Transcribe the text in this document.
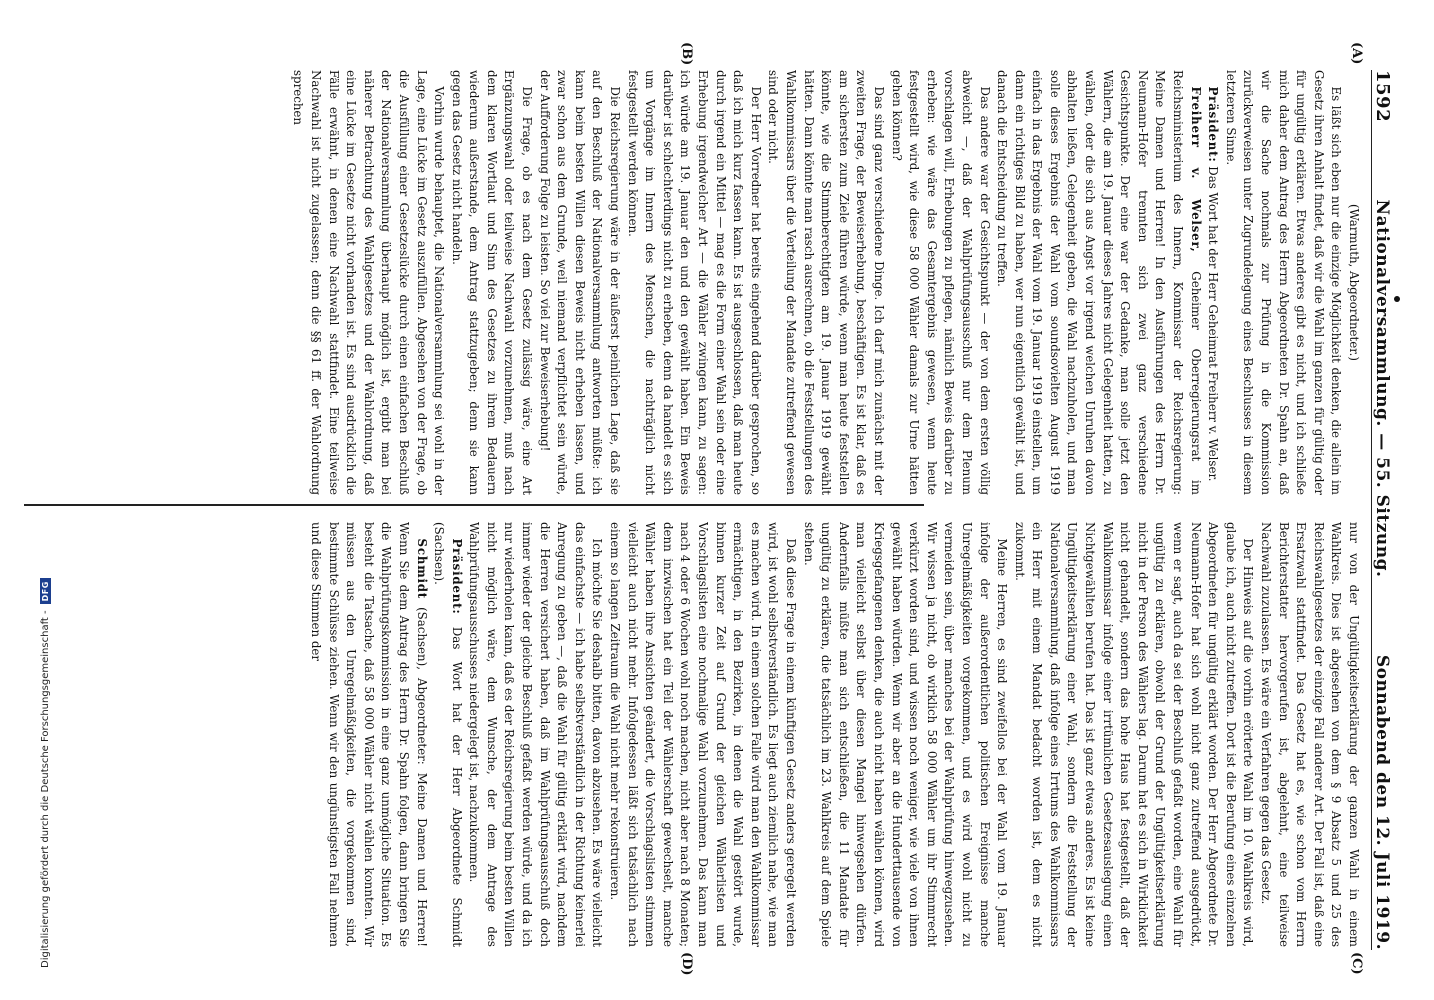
1592
Nationalversammlung. — 55. Sitzung.
Sonnabend den 12. Juli 1919.
(A)
(B)
(C)
(D)

(Warmuth, Abgeordneter.)

Es läßt sich eben nur die einzige Möglichkeit denken, die allein im Gesetz ihren Anhalt findet, daß wir die Wahl im ganzen für gültig oder für ungültig erklären. Etwas anderes gibt es nicht, und ich schließe mich daher dem Antrag des Herrn Abgeordneten Dr. Spahn an, daß wir die Sache nochmals zur Prüfung in die Kommission zurückverweisen unter Zugrundelegung eines Beschlusses in diesem letzteren Sinne.

Präsident: Das Wort hat der Herr Geheimrat Freiherr v. Welser.

Freiherr v. Welser, Geheimer Oberregierungsrat im Reichsministerium des Innern, Kommissar der Reichsregierung: Meine Damen und Herren! In den Ausführungen des Herrn Dr. Neumann-Hofer trennten sich zwei ganz verschiedene Gesichtspunkte. Der eine war der Gedanke, man solle jetzt den Wählern, die am 19. Januar dieses Jahres nicht Gelegenheit hatten, zu wählen, oder die sich aus Angst vor irgend welchen Unruhen davon abhalten ließen, Gelegenheit geben, die Wahl nachzuholen, und man solle dieses Ergebnis der Wahl vom soundsovielten August 1919 einfach in das Ergebnis der Wahl vom 19. Januar 1919 einstellen, um dann ein richtiges Bild zu haben, wer nun eigentlich gewählt ist, und danach die Entscheidung zu treffen.

Das andere war der Gesichtspunkt — der von dem ersten völlig abweicht —, daß der Wahlprüfungsausschuß nur dem Plenum vorschlagen will, Erhebungen zu pflegen, nämlich Beweis darüber zu erheben: wie wäre das Gesamtergebnis gewesen, wenn heute festgestellt wird, wie diese 58 000 Wähler damals zur Urne hätten gehen können?

Das sind ganz verschiedene Dinge. Ich darf mich zunächst mit der zweiten Frage, der Beweiserhebung, beschäftigen. Es ist klar, daß es am sichersten zum Ziele führen würde, wenn man heute feststellen könnte, wie die Stimmberechtigten am 19. Januar 1919 gewählt hätten. Dann könnte man rasch ausrechnen, ob die Feststellungen des Wahlkommissars über die Verteilung der Mandate zutreffend gewesen sind oder nicht.

Der Herr Vorredner hat bereits eingehend darüber gesprochen, so daß ich mich kurz fassen kann. Es ist ausgeschlossen, daß man heute durch irgend ein Mittel — mag es die Form einer Wahl sein oder eine Erhebung irgendwelcher Art — die Wähler zwingen kann, zu sagen: ich würde am 19. Januar den und den gewählt haben. Ein Beweis darüber ist schlechterdings nicht zu erheben, denn da handelt es sich um Vorgänge im Innern des Menschen, die nachträglich nicht festgestellt werden können.

Die Reichsregierung wäre in der äußerst peinlichen Lage, daß sie auf den Beschluß der Nationalversammlung antworten müßte: ich kann beim besten Willen diesen Beweis nicht erheben lassen, und zwar schon aus dem Grunde, weil niemand verpflichtet sein würde, der Aufforderung Folge zu leisten. So viel zur Beweiserhebung!

Die Frage, ob es nach dem Gesetz zulässig wäre, eine Art Ergänzungswahl oder teilweise Nachwahl vorzunehmen, muß nach dem klaren Wortlaut und Sinn des Gesetzes zu ihrem Bedauern wiederum außerstande, dem Antrag stattzugeben; denn sie kann gegen das Gesetz nicht handeln.

Vorhin wurde behauptet, die Nationalversammlung sei wohl in der Lage, eine Lücke im Gesetz auszufüllen. Abgesehen von der Frage, ob die Ausfüllung einer Gesetzeslücke durch einen einfachen Beschluß der Nationalversammlung überhaupt möglich ist, ergibt man bei näherer Betrachtung des Wahlgesetzes und der Wahlordnung, daß eine Lücke im Gesetze nicht vorhanden ist. Es sind ausdrücklich die Fälle erwähnt, in denen eine Nachwahl stattfindet. Eine teilweise Nachwahl ist nicht zugelassen; denn die §§ 61 ff. der Wahlordnung sprechen

nur von der Ungültigkeitserklärung der ganzen Wahl in einem Wahlkreis. Dies ist abgesehen von dem § 9 Absatz 5 und 25 des Reichswahlgesetzes der einzige Fall anderer Art. Der Fall ist, daß eine Ersatzwahl stattfindet. Das Gesetz hat es, wie schon vom Herrn Berichterstatter hervorgerufen ist, abgelehnt, eine teilweise Nachwahl zuzulassen. Es wäre ein Verfahren gegen das Gesetz.

Der Hinweis auf die vorhin erörterte Wahl im 10. Wahlkreis wird, glaube ich, auch nicht zutreffen. Dort ist die Berufung eines einzelnen Abgeordneten für ungültig erklärt worden. Der Herr Abgeordnete Dr. Neumann-Hofer hat sich wohl nicht ganz zutreffend ausgedrückt, wenn er sagt, auch da sei der Beschluß gefaßt worden, eine Wahl für ungültig zu erklären, obwohl der Grund der Ungültigkeitserklärung nicht in der Person des Wählers lag. Darum hat es sich in Wirklichkeit nicht gehandelt, sondern das hohe Haus hat festgestellt, daß der Wahlkommissar infolge einer irrtümlichen Gesetzesauslegung einen Nichtgewählten berufen hat. Das ist ganz etwas anderes. Es ist keine Ungültigkeitserklärung einer Wahl, sondern die Feststellung der Nationalversammlung, daß infolge eines Irrtums des Wahlkommissars ein Herr mit einem Mandat bedacht worden ist, dem es nicht zukommt.

Meine Herren, es sind zweifellos bei der Wahl vom 19. Januar infolge der außerordentlichen politischen Ereignisse manche Unregelmäßigkeiten vorgekommen, und es wird wohl nicht zu vermeiden sein, über manches bei der Wahlprüfung hinwegzusehen. Wir wissen ja nicht, ob wirklich 58 000 Wähler um ihr Stimmrecht verkürzt worden sind, und wissen noch weniger, wie viele von ihnen gewählt haben würden. Wenn wir aber an die Hunderttausende von Kriegsgefangenen denken, die auch nicht haben wählen können, wird man vielleicht selbst über diesen Mangel hinwegsehen dürfen. Andernfalls müßte man sich entschließen, die 11 Mandate für ungültig zu erklären, die tatsächlich im 23. Wahlkreis auf dem Spiele stehen.

Daß diese Frage in einem künftigen Gesetz anders geregelt werden wird, ist wohl selbstverständlich. Es liegt auch ziemlich nahe, wie man es machen wird. In einem solchen Falle wird man den Wahlkommissar ermächtigen, in den Bezirken, in denen die Wahl gestört wurde, binnen kurzer Zeit auf Grund der gleichen Wählerlisten und Vorschlagslisten eine nochmalige Wahl vorzunehmen. Das kann man nach 4 oder 6 Wochen wohl noch machen, nicht aber nach 8 Monaten; denn inzwischen hat ein Teil der Wählerschaft gewechselt, manche Wähler haben ihre Ansichten geändert, die Vorschlagslisten stimmen vielleicht auch nicht mehr. Infolgedessen läßt sich tatsächlich nach einem so langen Zeitraum die Wahl nicht mehr rekonstruieren.

Ich möchte Sie deshalb bitten, davon abzusehen. Es wäre vielleicht das einfachste — ich habe selbstverständlich in der Richtung keinerlei Anregung zu geben —, daß die Wahl für gültig erklärt wird, nachdem die Herren versichert haben, daß im Wahlprüfungsausschuß doch immer wieder der gleiche Beschluß gefaßt werden würde, und da ich nur wiederholen kann, daß es der Reichsregierung beim besten Willen nicht möglich wäre, dem Wunsche, der dem Antrage des Wahlprüfungsausschusses niedergelegt ist, nachzukommen.

Präsident: Das Wort hat der Herr Abgeordnete Schmidt (Sachsen).

Schmidt (Sachsen), Abgeordneter: Meine Damen und Herren! Wenn Sie dem Antrag des Herrn Dr. Spahn folgen, dann bringen Sie die Wahlprüfungskommission in eine ganz unmögliche Situation. Es besteht die Tatsache, daß 58 000 Wähler nicht wählen konnten. Wir müssen aus den Unregelmäßigkeiten, die vorgekommen sind, bestimmte Schlüsse ziehen. Wenn wir den ungünstigsten Fall nehmen und diese Stimmen der

Digitalisierung gefördert durch die Deutsche Forschungsgemeinschaft -
DFG
